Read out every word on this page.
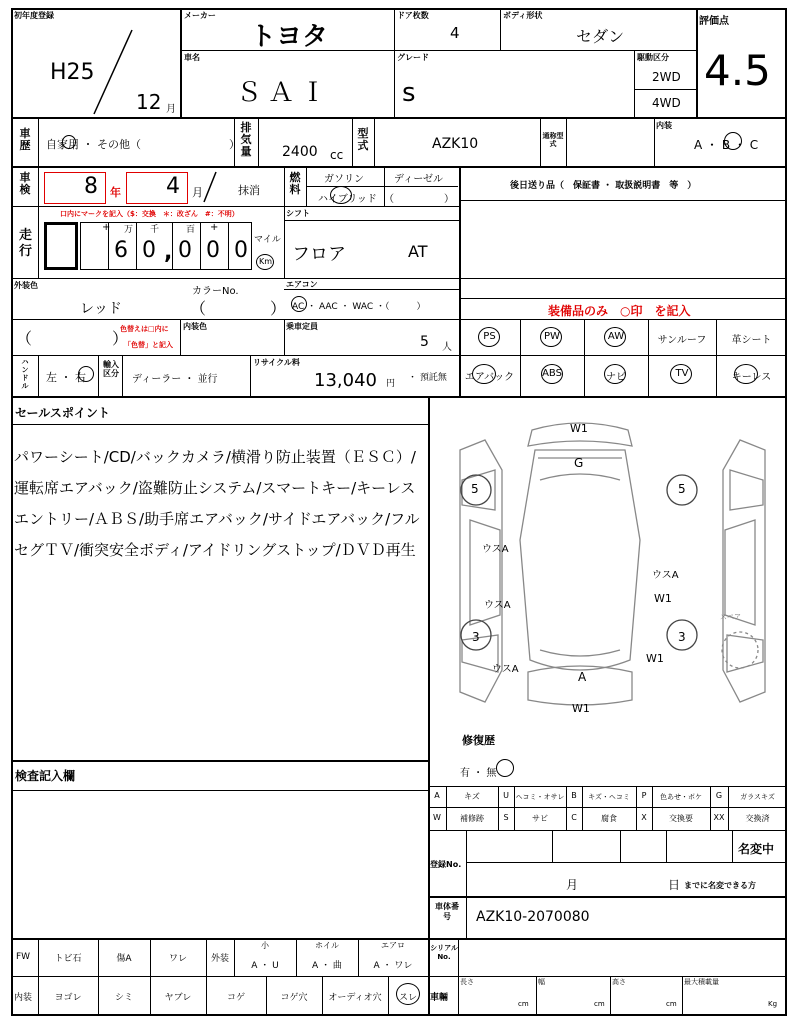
初年度登録
H25
12 月
メーカー
トヨタ
ドア枚数
4
ボディ形状
セダン
評価点
4.5
車名
ＳＡＩ
グレード
s
駆動区分
2WD
4WD
車歴 自家用 ・ その他（　　　　　　　　）
排気量 2400 cc
型式	AZK10	通称型式
内装
A ・ B ・ C
車検 8 年 4 月	抹消
燃料
ガソリン	ディーゼル
ハイブリッド （　　　　　）
後日送り品（　保証書 ・ 取扱説明書　等　）
走行
口内にマークを記入（$：交換　＊：改ざん　#：不明）
+ 万 千	百 +
6 0 , 0 0 0 マイル
Km
シフト
フロア	AT
エアコン
AC ・ AAC ・ WAC ・（　　　）
外装色
レッド
カラーNo.
（　　　　）
（　　　　　）
色替えは□内に
「色替」と記入
内装色	乗車定員
5 人
装備品のみ　○印　を記入
PS	PW	AW	サンルーフ	革シート
エアバック	ABS	ナビ	TV	キーレス
ハンドル
左 ・ 右
輸入区分
ディーラー ・ 並行
リサイクル料
13,040 円
・ 預託無
セールスポイント
パワーシート/CD/バックカメラ/横滑り防止装置（ＥＳＣ）/運転席エアバック/盗難防止システム/スマートキー/キーレスエントリー/ＡＢＳ/助手席エアバック/サイドエアバック/フルセグＴＶ/衝突安全ボディ/アイドリングストップ/ＤＶＤ再生
W1
G
5	5
ウスA
ウスA
W1
ウスA
3	3
W1
ウスA
A
W1
スペア
修復歴
有 ・ 無
検査記入欄
A	キズ	U ヘコミ・オサレ B	キズ・ヘコミ	P	色あせ・ボケ	G	ガラスキズ
W	補修跡	S	サビ	C	腐食	X	交換要	XX	交換済
登録No.
名変中
月	日 までに名変できる方
車体番号	AZK10-2070080
FW	トビ石	傷A	ワレ	外装
小
A ・ U
ホイル
A ・ 曲
エアロ
A ・ ワレ
シリアルNo.
内装	ヨゴレ	シミ	ヤブレ	コゲ	コゲ穴	オーディオ穴	スレ	車輛
長さ
cm
幅
cm
高さ
cm
最大積載量
Kg
